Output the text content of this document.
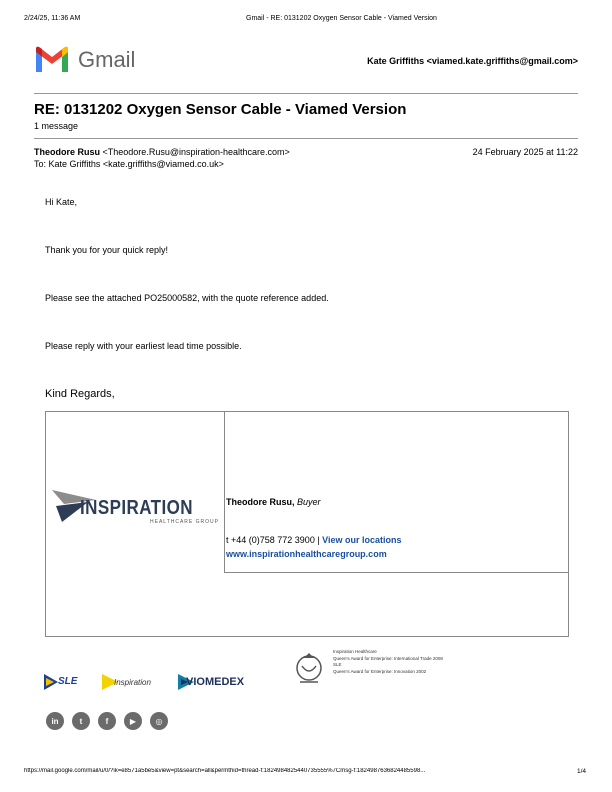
2/24/25, 11:36 AM	Gmail - RE: 0131202 Oxygen Sensor Cable - Viamed Version
Gmail	Kate Griffiths <viamed.kate.griffiths@gmail.com>
RE: 0131202 Oxygen Sensor Cable - Viamed Version
1 message
Theodore Rusu <Theodore.Rusu@inspiration-healthcare.com>	24 February 2025 at 11:22
To: Kate Griffiths <kate.griffiths@viamed.co.uk>
Hi Kate,
Thank you for your quick reply!
Please see the attached PO25000582, with the quote reference added.
Please reply with your earliest lead time possible.
Kind Regards,
INSPIRATION
HEALTHCARE GROUP
Theodore Rusu, Buyer
t +44 (0)758 772 3900 | View our locations
www.inspirationhealthcaregroup.com
SLE	Inspiration	VIOMEDEX
Inspiration Healthcare
Queen's Award for Enterprise: International Trade 2008
SLE
Queen's Award for Enterprise: Innovation 2002
in	t	f	▶	◎
https://mail.google.com/mail/u/0/?ik=e8571a5be5&view=pt&search=all&permthid=thread-f:1824984825440735555%7Cmsg-f:1824987636824485598...	1/4
